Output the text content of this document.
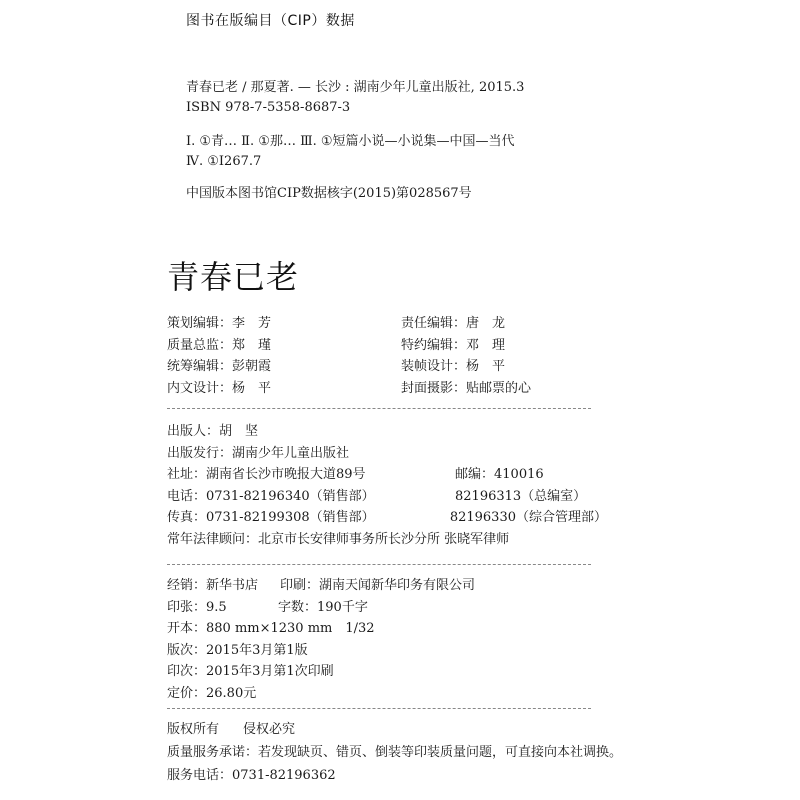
图书在版编目（CIP）数据
青春已老 / 那夏著. — 长沙 : 湖南少年儿童出版社, 2015.3
ISBN 978-7-5358-8687-3
Ⅰ. ①青… Ⅱ. ①那… Ⅲ. ①短篇小说—小说集—中国—当代
Ⅳ. ①I267.7
中国版本图书馆CIP数据核字(2015)第028567号
青春已老
策划编辑：李　芳	责任编辑：唐　龙
质量总监：郑　瑾	特约编辑：邓　理
统筹编辑：彭朝霞	装帧设计：杨　平
内文设计：杨　平	封面摄影：贴邮票的心
出版人：胡　坚
出版发行：湖南少年儿童出版社
社址：湖南省长沙市晚报大道89号	邮编：410016
电话：0731-82196340（销售部）	82196313（总编室）
传真：0731-82199308（销售部）	82196330（综合管理部）
常年法律顾问：北京市长安律师事务所长沙分所 张晓军律师
经销：新华书店	印刷：湖南天闻新华印务有限公司
印张：9.5	字数：190千字
开本：880 mm×1230 mm　1/32
版次：2015年3月第1版
印次：2015年3月第1次印刷
定价：26.80元
版权所有 侵权必究
质量服务承诺：若发现缺页、错页、倒装等印装质量问题，可直接向本社调换。
服务电话：0731-82196362
